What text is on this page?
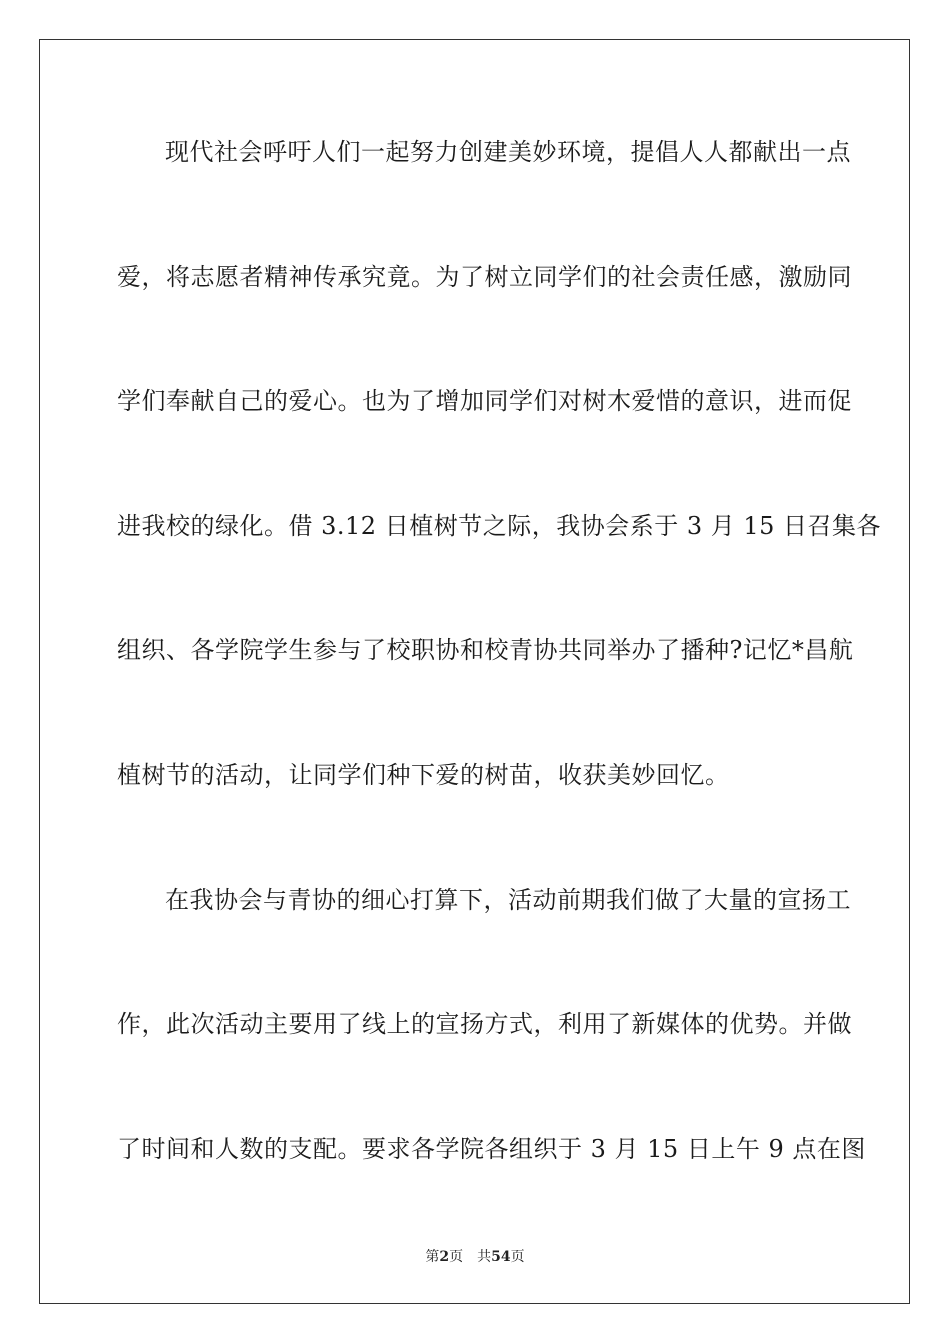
现代社会呼吁人们一起努力创建美妙环境，提倡人人都献出一点
爱，将志愿者精神传承究竟。为了树立同学们的社会责任感，激励同
学们奉献自己的爱心。也为了增加同学们对树木爱惜的意识，进而促
进我校的绿化。借 3.12 日植树节之际，我协会系于 3 月 15 日召集各
组织、各学院学生参与了校职协和校青协共同举办了播种?记忆*昌航
植树节的活动，让同学们种下爱的树苗，收获美妙回忆。
在我协会与青协的细心打算下，活动前期我们做了大量的宣扬工
作，此次活动主要用了线上的宣扬方式，利用了新媒体的优势。并做
了时间和人数的支配。要求各学院各组织于 3 月 15 日上午 9 点在图
第2页 共54页
